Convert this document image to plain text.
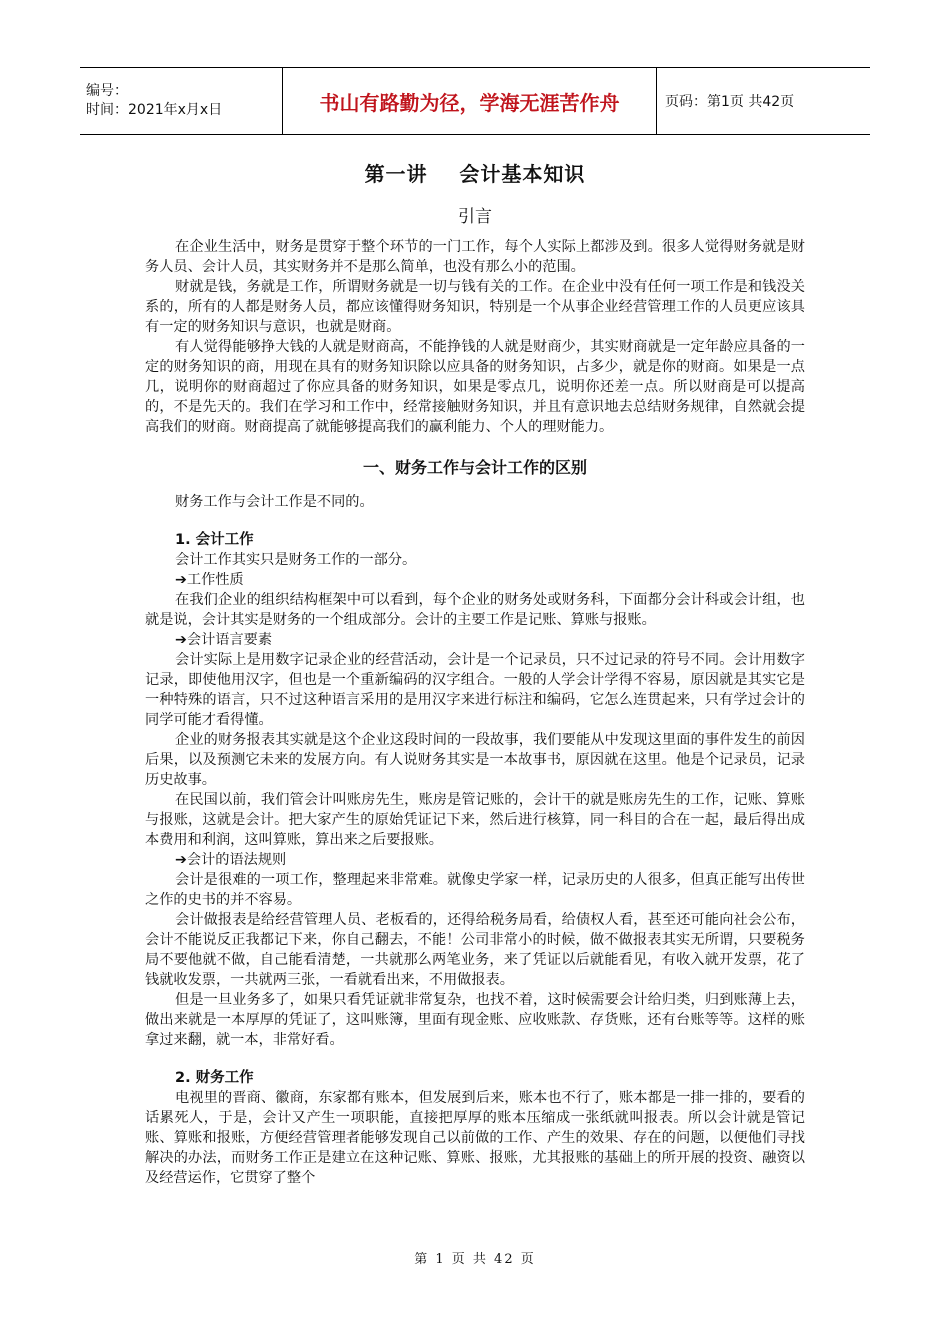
编号：
时间：2021年x月x日	书山有路勤为径，学海无涯苦作舟	页码：第1页 共42页
第一讲    会计基本知识
引言

在企业生活中，财务是贯穿于整个环节的一门工作，每个人实际上都涉及到。很多人觉得财务就是财务人员、会计人员，其实财务并不是那么简单，也没有那么小的范围。

财就是钱，务就是工作，所谓财务就是一切与钱有关的工作。在企业中没有任何一项工作是和钱没关系的，所有的人都是财务人员，都应该懂得财务知识，特别是一个从事企业经营管理工作的人员更应该具有一定的财务知识与意识，也就是财商。

有人觉得能够挣大钱的人就是财商高，不能挣钱的人就是财商少，其实财商就是一定年龄应具备的一定的财务知识的商，用现在具有的财务知识除以应具备的财务知识，占多少，就是你的财商。如果是一点几，说明你的财商超过了你应具备的财务知识，如果是零点几，说明你还差一点。所以财商是可以提高的，不是先天的。我们在学习和工作中，经常接触财务知识，并且有意识地去总结财务规律，自然就会提高我们的财商。财商提高了就能够提高我们的赢利能力、个人的理财能力。

一、财务工作与会计工作的区别

财务工作与会计工作是不同的。

1. 会计工作

会计工作其实只是财务工作的一部分。

➔工作性质

在我们企业的组织结构框架中可以看到，每个企业的财务处或财务科，下面都分会计科或会计组，也就是说，会计其实是财务的一个组成部分。会计的主要工作是记账、算账与报账。

➔会计语言要素

会计实际上是用数字记录企业的经营活动，会计是一个记录员，只不过记录的符号不同。会计用数字记录，即使他用汉字，但也是一个重新编码的汉字组合。一般的人学会计学得不容易，原因就是其实它是一种特殊的语言，只不过这种语言采用的是用汉字来进行标注和编码，它怎么连贯起来，只有学过会计的同学可能才看得懂。

企业的财务报表其实就是这个企业这段时间的一段故事，我们要能从中发现这里面的事件发生的前因后果，以及预测它未来的发展方向。有人说财务其实是一本故事书，原因就在这里。他是个记录员，记录历史故事。

在民国以前，我们管会计叫账房先生，账房是管记账的，会计干的就是账房先生的工作，记账、算账与报账，这就是会计。把大家产生的原始凭证记下来，然后进行核算，同一科目的合在一起，最后得出成本费用和利润，这叫算账，算出来之后要报账。

➔会计的语法规则

会计是很难的一项工作，整理起来非常难。就像史学家一样，记录历史的人很多，但真正能写出传世之作的史书的并不容易。

会计做报表是给经营管理人员、老板看的，还得给税务局看，给债权人看，甚至还可能向社会公布，会计不能说反正我都记下来，你自己翻去，不能！公司非常小的时候，做不做报表其实无所谓，只要税务局不要他就不做，自己能看清楚，一共就那么两笔业务，来了凭证以后就能看见，有收入就开发票，花了钱就收发票，一共就两三张，一看就看出来，不用做报表。

但是一旦业务多了，如果只看凭证就非常复杂，也找不着，这时候需要会计给归类，归到账薄上去，做出来就是一本厚厚的凭证了，这叫账簿，里面有现金账、应收账款、存货账，还有台账等等。这样的账拿过来翻，就一本，非常好看。

2. 财务工作

电视里的晋商、徽商，东家都有账本，但发展到后来，账本也不行了，账本都是一排一排的，要看的话累死人，于是，会计又产生一项职能，直接把厚厚的账本压缩成一张纸就叫报表。所以会计就是管记账、算账和报账，方便经营管理者能够发现自己以前做的工作、产生的效果、存在的问题，以便他们寻找解决的办法，而财务工作正是建立在这种记账、算账、报账，尤其报账的基础上的所开展的投资、融资以及经营运作，它贯穿了整个

第 1 页 共 42 页
